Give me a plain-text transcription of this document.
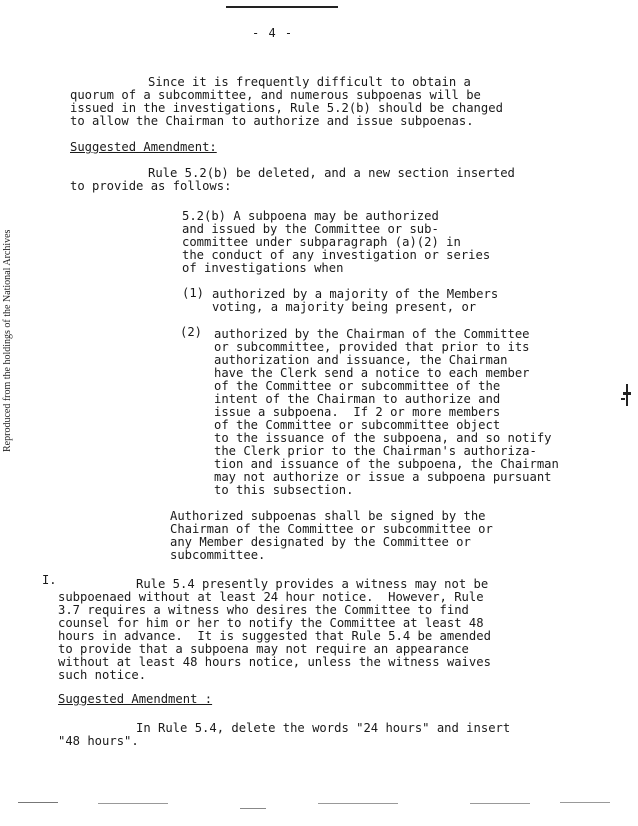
- 4 -
Reproduced from the holdings of the National Archives
Since it is frequently difficult to obtain a
quorum of a subcommittee, and numerous subpoenas will be
issued in the investigations, Rule 5.2(b) should be changed
to allow the Chairman to authorize and issue subpoenas.
Suggested Amendment:
Rule 5.2(b) be deleted, and a new section inserted
to provide as follows:
5.2(b) A subpoena may be authorized
and issued by the Committee or sub-
committee under subparagraph (a)(2) in
the conduct of any investigation or series
of investigations when
(1) authorized by a majority of the Members
voting, a majority being present, or
(2) authorized by the Chairman of the Committee
or subcommittee, provided that prior to its
authorization and issuance, the Chairman
have the Clerk send a notice to each member
of the Committee or subcommittee of the
intent of the Chairman to authorize and
issue a subpoena.  If 2 or more members
of the Committee or subcommittee object
to the issuance of the subpoena, and so notify
the Clerk prior to the Chairman's authoriza-
tion and issuance of the subpoena, the Chairman
may not authorize or issue a subpoena pursuant
to this subsection.
Authorized subpoenas shall be signed by the
Chairman of the Committee or subcommittee or
any Member designated by the Committee or
subcommittee.
I.	Rule 5.4 presently provides a witness may not be
subpoenaed without at least 24 hour notice.  However, Rule
3.7 requires a witness who desires the Committee to find
counsel for him or her to notify the Committee at least 48
hours in advance.  It is suggested that Rule 5.4 be amended
to provide that a subpoena may not require an appearance
without at least 48 hours notice, unless the witness waives
such notice.
Suggested Amendment :
In Rule 5.4, delete the words "24 hours" and insert
"48 hours".
